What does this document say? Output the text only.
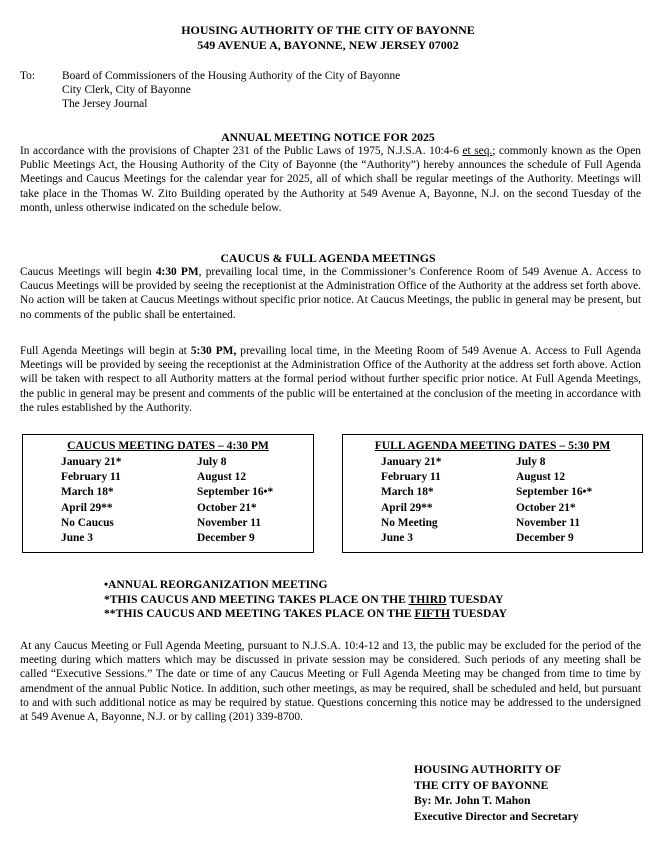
HOUSING AUTHORITY OF THE CITY OF BAYONNE
549 AVENUE A, BAYONNE, NEW JERSEY 07002
To: Board of Commissioners of the Housing Authority of the City of Bayonne
City Clerk, City of Bayonne
The Jersey Journal
ANNUAL MEETING NOTICE FOR 2025
In accordance with the provisions of Chapter 231 of the Public Laws of 1975, N.J.S.A. 10:4-6 et seq.; commonly known as the Open Public Meetings Act, the Housing Authority of the City of Bayonne (the “Authority”) hereby announces the schedule of Full Agenda Meetings and Caucus Meetings for the calendar year for 2025, all of which shall be regular meetings of the Authority. Meetings will take place in the Thomas W. Zito Building operated by the Authority at 549 Avenue A, Bayonne, N.J. on the second Tuesday of the month, unless otherwise indicated on the schedule below.
CAUCUS & FULL AGENDA MEETINGS
Caucus Meetings will begin 4:30 PM, prevailing local time, in the Commissioner’s Conference Room of 549 Avenue A. Access to Caucus Meetings will be provided by seeing the receptionist at the Administration Office of the Authority at the address set forth above. No action will be taken at Caucus Meetings without specific prior notice. At Caucus Meetings, the public in general may be present, but no comments of the public shall be entertained.
Full Agenda Meetings will begin at 5:30 PM, prevailing local time, in the Meeting Room of 549 Avenue A. Access to Full Agenda Meetings will be provided by seeing the receptionist at the Administration Office of the Authority at the address set forth above. Action will be taken with respect to all Authority matters at the formal period without further specific prior notice. At Full Agenda Meetings, the public in general may be present and comments of the public will be entertained at the conclusion of the meeting in accordance with the rules established by the Authority.
CAUCUS MEETING DATES – 4:30 PM
January 21*
February 11
March 18*
April 29**
No Caucus
June 3
July 8
August 12
September 16•*
October 21*
November 11
December 9
FULL AGENDA MEETING DATES – 5:30 PM
January 21*
February 11
March 18*
April 29**
No Meeting
June 3
July 8
August 12
September 16•*
October 21*
November 11
December 9
•ANNUAL REORGANIZATION MEETING
*THIS CAUCUS AND MEETING TAKES PLACE ON THE THIRD TUESDAY
**THIS CAUCUS AND MEETING TAKES PLACE ON THE FIFTH TUESDAY
At any Caucus Meeting or Full Agenda Meeting, pursuant to N.J.S.A. 10:4-12 and 13, the public may be excluded for the period of the meeting during which matters which may be discussed in private session may be considered. Such periods of any meeting shall be called “Executive Sessions.” The date or time of any Caucus Meeting or Full Agenda Meeting may be changed from time to time by amendment of the annual Public Notice. In addition, such other meetings, as may be required, shall be scheduled and held, but pursuant to and with such additional notice as may be required by statue. Questions concerning this notice may be addressed to the undersigned at 549 Avenue A, Bayonne, N.J. or by calling (201) 339-8700.
HOUSING AUTHORITY OF
THE CITY OF BAYONNE
By: Mr. John T. Mahon
Executive Director and Secretary
